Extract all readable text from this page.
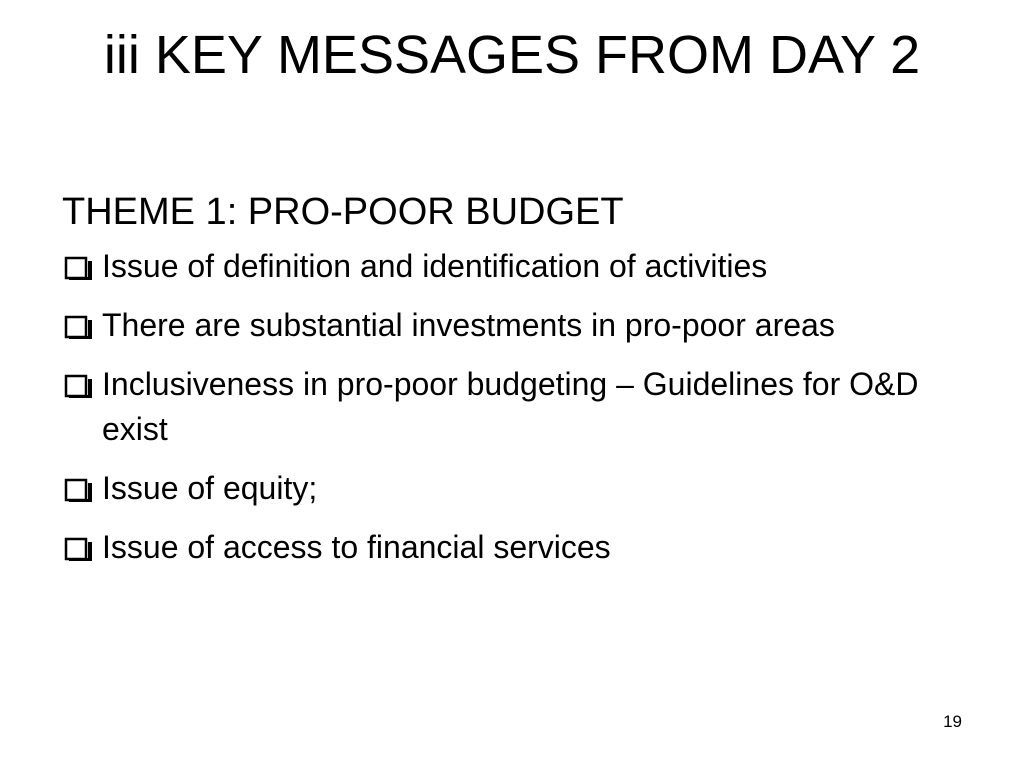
iii KEY MESSAGES FROM DAY 2
THEME 1: PRO-POOR BUDGET
Issue of definition and identification of activities
There are substantial investments in pro-poor areas
Inclusiveness in pro-poor budgeting – Guidelines for O&D exist
Issue of equity;
Issue of access to financial services
19
